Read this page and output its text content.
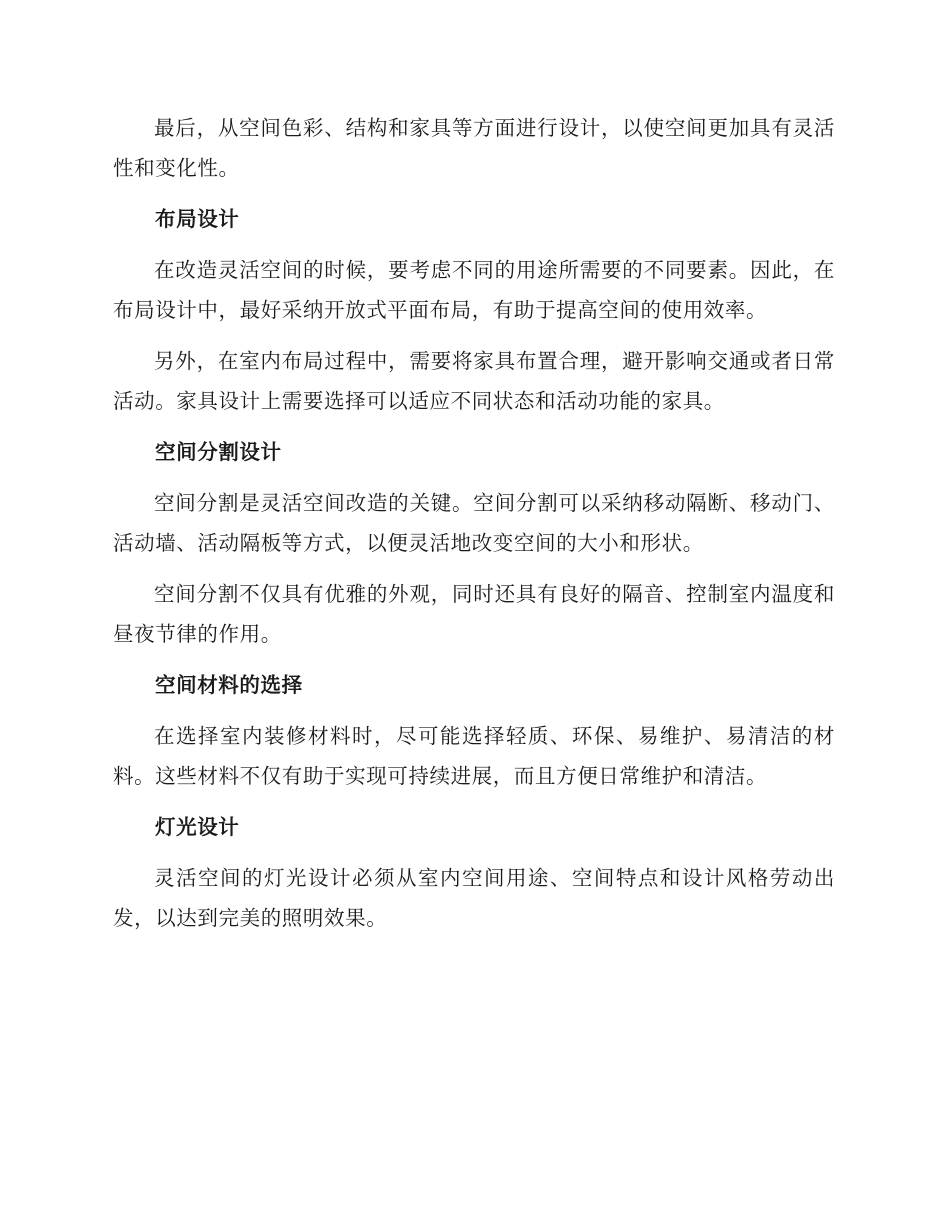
最后，从空间色彩、结构和家具等方面进行设计，以使空间更加具有灵活性和变化性。

布局设计

在改造灵活空间的时候，要考虑不同的用途所需要的不同要素。因此，在布局设计中，最好采纳开放式平面布局，有助于提高空间的使用效率。

另外，在室内布局过程中，需要将家具布置合理，避开影响交通或者日常活动。家具设计上需要选择可以适应不同状态和活动功能的家具。

空间分割设计

空间分割是灵活空间改造的关键。空间分割可以采纳移动隔断、移动门、活动墙、活动隔板等方式，以便灵活地改变空间的大小和形状。

空间分割不仅具有优雅的外观，同时还具有良好的隔音、控制室内温度和昼夜节律的作用。

空间材料的选择

在选择室内装修材料时，尽可能选择轻质、环保、易维护、易清洁的材料。这些材料不仅有助于实现可持续进展，而且方便日常维护和清洁。

灯光设计

灵活空间的灯光设计必须从室内空间用途、空间特点和设计风格劳动出发，以达到完美的照明效果。
